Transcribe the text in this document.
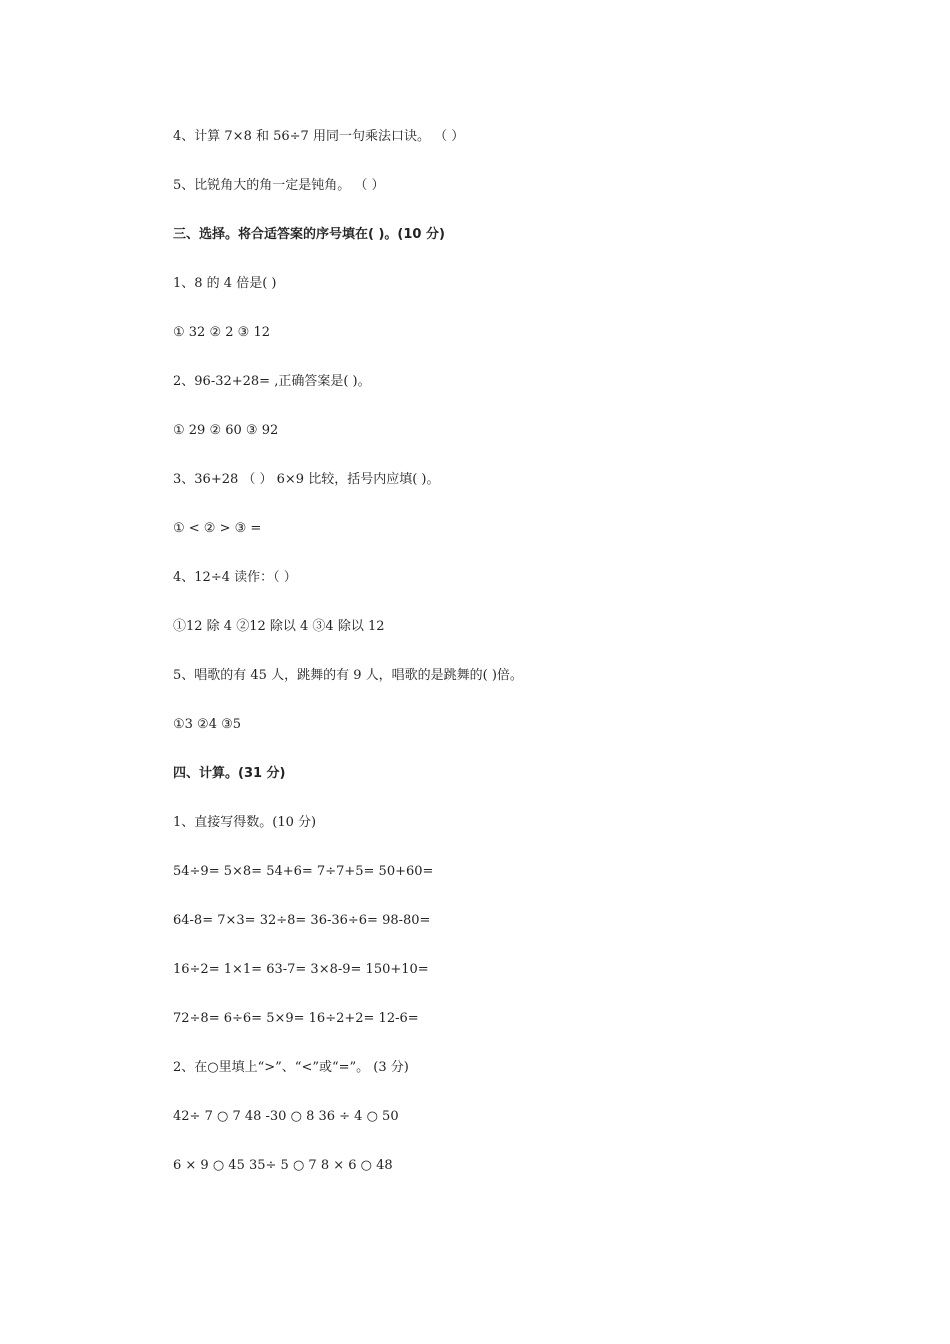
4、计算 7×8 和 56÷7 用同一句乘法口诀。 （ ）
5、比锐角大的角一定是钝角。 （ ）
三、选择。将合适答案的序号填在( )。(10 分)
1、8 的 4 倍是( )
① 32 ② 2 ③ 12
2、96-32+28= ,正确答案是( )。
① 29 ② 60 ③ 92
3、36+28 （ ） 6×9 比较，括号内应填( )。
① < ② > ③ =
4、12÷4 读作：（ ）
①12 除 4 ②12 除以 4 ③4 除以 12
5、唱歌的有 45 人，跳舞的有 9 人，唱歌的是跳舞的( )倍。
①3 ②4 ③5
四、计算。(31 分)
1、直接写得数。(10 分)
54÷9= 5×8= 54+6= 7÷7+5= 50+60=
64-8= 7×3= 32÷8= 36-36÷6= 98-80=
16÷2= 1×1= 63-7= 3×8-9= 150+10=
72÷8= 6÷6= 5×9= 16÷2+2= 12-6=
2、在○里填上“>”、“<”或“=”。 (3 分)
42÷ 7 ○ 7 48 -30 ○ 8 36 ÷ 4 ○ 50
6 × 9 ○ 45 35÷ 5 ○ 7 8 × 6 ○ 48
